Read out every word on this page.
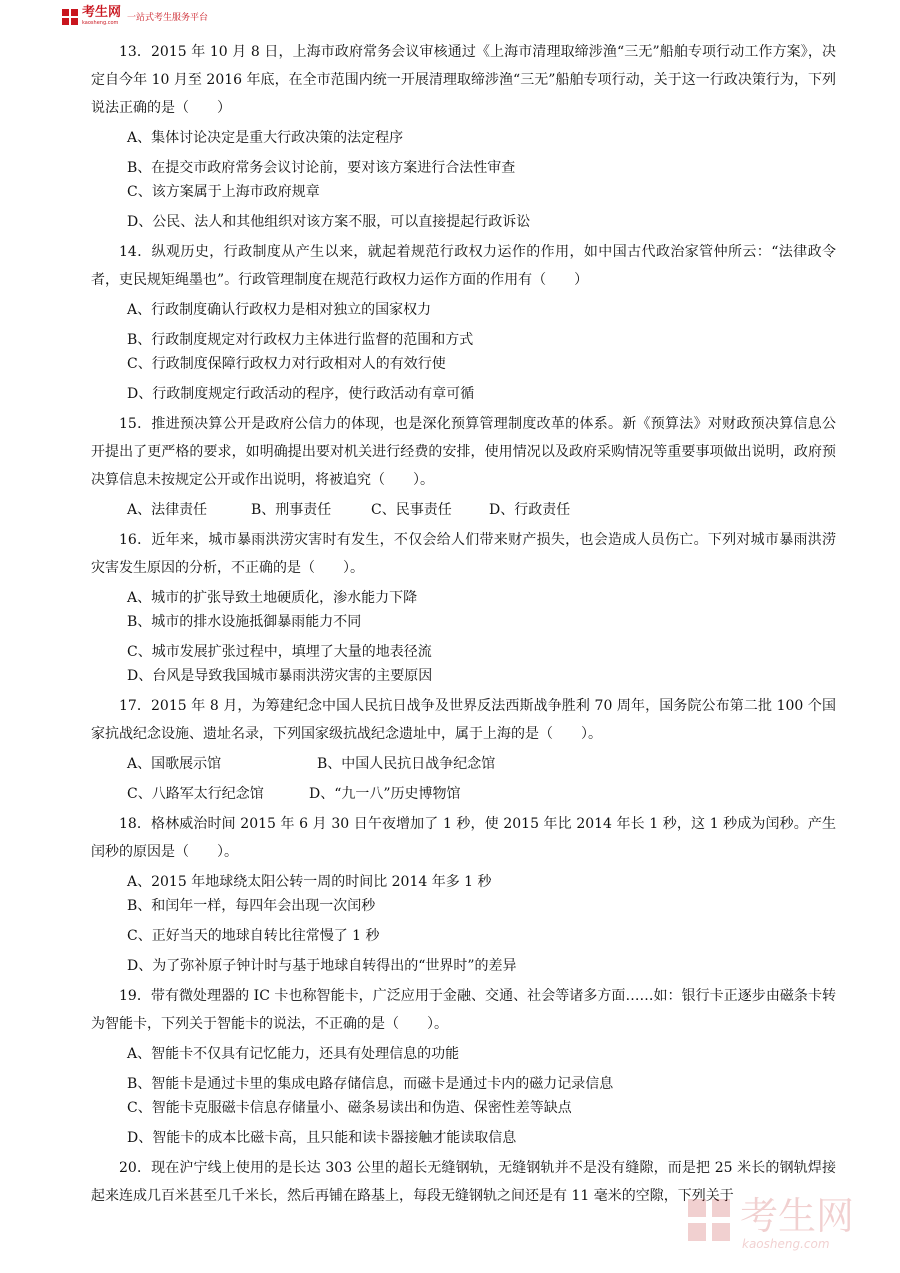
考生网
kaosheng.com 一站式考生服务平台

13．2015 年 10 月 8 日，上海市政府常务会议审核通过《上海市清理取缔涉渔“三无”船舶专项行动工作方案》，决定自今年 10 月至 2016 年底，在全市范围内统一开展清理取缔涉渔“三无”船舶专项行动，关于这一行政决策行为，下列说法正确的是（　　）

A、集体讨论决定是重大行政决策的法定程序
B、在提交市政府常务会议讨论前，要对该方案进行合法性审查
C、该方案属于上海市政府规章
D、公民、法人和其他组织对该方案不服，可以直接提起行政诉讼

14．纵观历史，行政制度从产生以来，就起着规范行政权力运作的作用，如中国古代政治家管仲所云：“法律政令者，吏民规矩绳墨也”。行政管理制度在规范行政权力运作方面的作用有（　　）

A、行政制度确认行政权力是相对独立的国家权力
B、行政制度规定对行政权力主体进行监督的范围和方式
C、行政制度保障行政权力对行政相对人的有效行使
D、行政制度规定行政活动的程序，使行政活动有章可循

15．推进预决算公开是政府公信力的体现，也是深化预算管理制度改革的体系。新《预算法》对财政预决算信息公开提出了更严格的要求，如明确提出要对机关进行经费的安排，使用情况以及政府采购情况等重要事项做出说明，政府预决算信息未按规定公开或作出说明，将被追究（　　）。

A、法律责任	B、刑事责任	C、民事责任	D、行政责任

16．近年来，城市暴雨洪涝灾害时有发生，不仅会给人们带来财产损失，也会造成人员伤亡。下列对城市暴雨洪涝灾害发生原因的分析，不正确的是（　　）。

A、城市的扩张导致土地硬质化，渗水能力下降
B、城市的排水设施抵御暴雨能力不同
C、城市发展扩张过程中，填埋了大量的地表径流
D、台风是导致我国城市暴雨洪涝灾害的主要原因

17．2015 年 8 月，为筹建纪念中国人民抗日战争及世界反法西斯战争胜利 70 周年，国务院公布第二批 100 个国家抗战纪念设施、遗址名录，下列国家级抗战纪念遗址中，属于上海的是（　　）。

A、国歌展示馆	B、中国人民抗日战争纪念馆
C、八路军太行纪念馆	D、“九一八”历史博物馆

18．格林威治时间 2015 年 6 月 30 日午夜增加了 1 秒，使 2015 年比 2014 年长 1 秒，这 1 秒成为闰秒。产生闰秒的原因是（　　）。

A、2015 年地球绕太阳公转一周的时间比 2014 年多 1 秒
B、和闰年一样，每四年会出现一次闰秒
C、正好当天的地球自转比往常慢了 1 秒
D、为了弥补原子钟计时与基于地球自转得出的“世界时”的差异

19．带有微处理器的 IC 卡也称智能卡，广泛应用于金融、交通、社会等诸多方面……如：银行卡正逐步由磁条卡转为智能卡，下列关于智能卡的说法，不正确的是（　　）。

A、智能卡不仅具有记忆能力，还具有处理信息的功能
B、智能卡是通过卡里的集成电路存储信息，而磁卡是通过卡内的磁力记录信息
C、智能卡克服磁卡信息存储量小、磁条易读出和伪造、保密性差等缺点
D、智能卡的成本比磁卡高，且只能和读卡器接触才能读取信息

20．现在沪宁线上使用的是长达 303 公里的超长无缝钢轨，无缝钢轨并不是没有缝隙，而是把 25 米长的钢轨焊接起来连成几百米甚至几千米长，然后再铺在路基上，每段无缝钢轨之间还是有 11 毫米的空隙，下列关于 考生网
kaosheng.com
